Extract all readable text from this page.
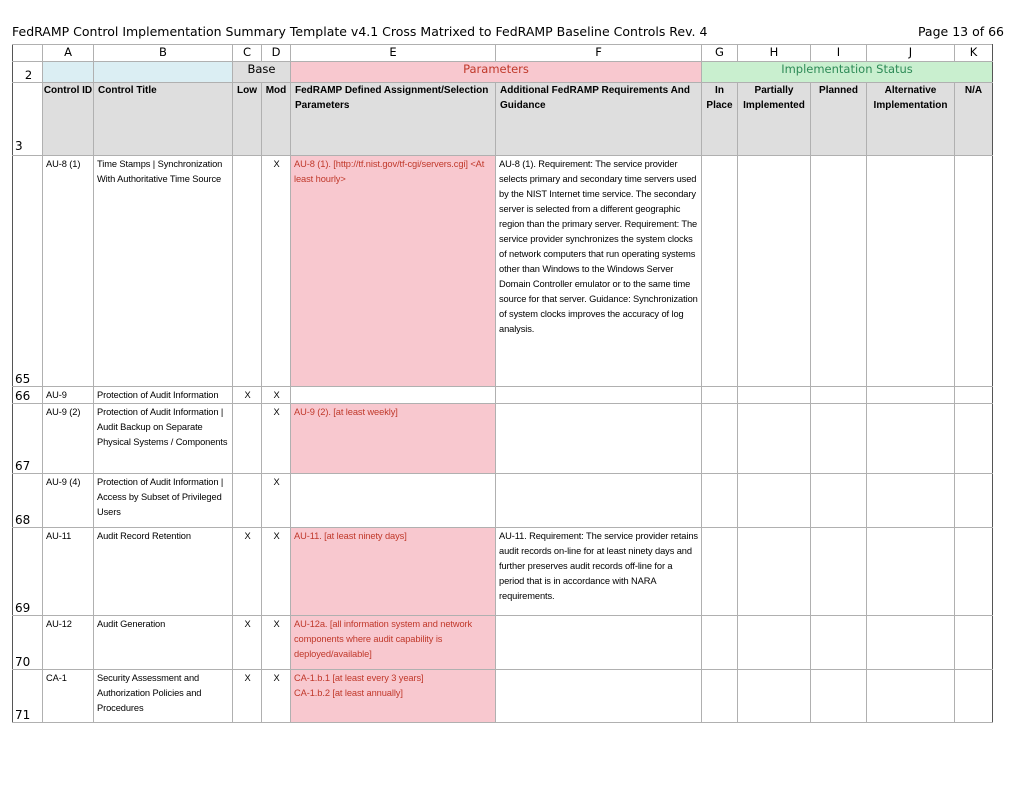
FedRAMP Control Implementation Summary Template v4.1 Cross Matrixed to FedRAMP Baseline Controls Rev. 4	Page 13 of 66
	A	B	C	D	E	F	G	H	I	J	K
2			Base		Parameters		Implementation Status				
3	Control ID	Control Title	Low	Mod	FedRAMP Defined Assignment/Selection Parameters	Additional FedRAMP Requirements And Guidance	In Place	Partially Implemented	Planned	Alternative Implementation	N/A
65	AU-8 (1)	Time Stamps | Synchronization With Authoritative Time Source		X	AU-8 (1). [http://tf.nist.gov/tf-cgi/servers.cgi] <At least hourly>	AU-8 (1). Requirement: The service provider selects primary and secondary time servers used by the NIST Internet time service. The secondary server is selected from a different geographic region than the primary server. Requirement: The service provider synchronizes the system clocks of network computers that run operating systems other than Windows to the Windows Server Domain Controller emulator or to the same time source for that server. Guidance: Synchronization of system clocks improves the accuracy of log analysis.					
66	AU-9	Protection of Audit Information	X	X							
67	AU-9 (2)	Protection of Audit Information | Audit Backup on Separate Physical Systems / Components		X	AU-9 (2). [at least weekly]						
68	AU-9 (4)	Protection of Audit Information | Access by Subset of Privileged Users		X							
69	AU-11	Audit Record Retention	X	X	AU-11. [at least ninety days]	AU-11. Requirement: The service provider retains audit records on-line for at least ninety days and further preserves audit records off-line for a period that is in accordance with NARA requirements.					
70	AU-12	Audit Generation	X	X	AU-12a. [all information system and network components where audit capability is deployed/available]						
71	CA-1	Security Assessment and Authorization Policies and Procedures	X	X	CA-1.b.1 [at least every 3 years]
CA-1.b.2 [at least annually]						
